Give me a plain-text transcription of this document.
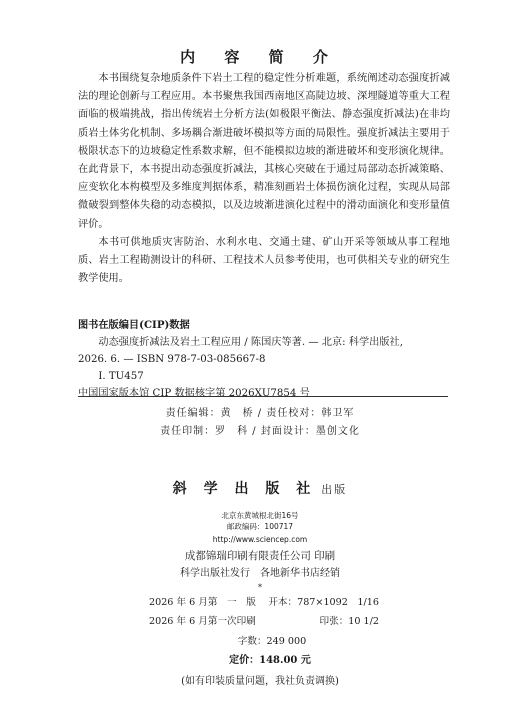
内 容 简 介

本书围绕复杂地质条件下岩土工程的稳定性分析难题，系统阐述动态强度折减法的理论创新与工程应用。本书聚焦我国西南地区高陡边坡、深埋隧道等重大工程面临的极端挑战，指出传统岩土分析方法(如极限平衡法、静态强度折减法)在非均质岩土体劣化机制、多场耦合渐进破坏模拟等方面的局限性。强度折减法主要用于极限状态下的边坡稳定性系数求解，但不能模拟边坡的渐进破坏和变形演化规律。在此背景下，本书提出动态强度折减法，其核心突破在于通过局部动态折减策略、应变软化本构模型及多维度判据体系，精准刻画岩土体损伤演化过程，实现从局部微破裂到整体失稳的动态模拟，以及边坡渐进演化过程中的滑动面演化和变形量值评价。

本书可供地质灾害防治、水利水电、交通土建、矿山开采等领域从事工程地质、岩土工程勘测设计的科研、工程技术人员参考使用，也可供相关专业的研究生教学使用。

图书在版编目(CIP)数据
动态强度折减法及岩土工程应用 / 陈国庆等著. — 北京: 科学出版社,
2026. 6. — ISBN 978-7-03-085667-8
Ⅰ. TU457
中国国家版本馆 CIP 数据核字第 2026XU7854 号
责任编辑：黄　桥 / 责任校对：韩卫军
责任印制：罗　科 / 封面设计：墨创文化
斜 学 出 版 社 出版
北京东黄城根北街16号
邮政编码：100717
http://www.sciencep.com
成都锦瑞印刷有限责任公司 印刷
科学出版社发行　各地新华书店经销
*
2026 年 6 月第　一　版 开本：787×1092　1/16
2026 年 6 月第一次印刷	印张：10 1/2
字数：249 000
定价：148.00 元
(如有印装质量问题，我社负责调换)
